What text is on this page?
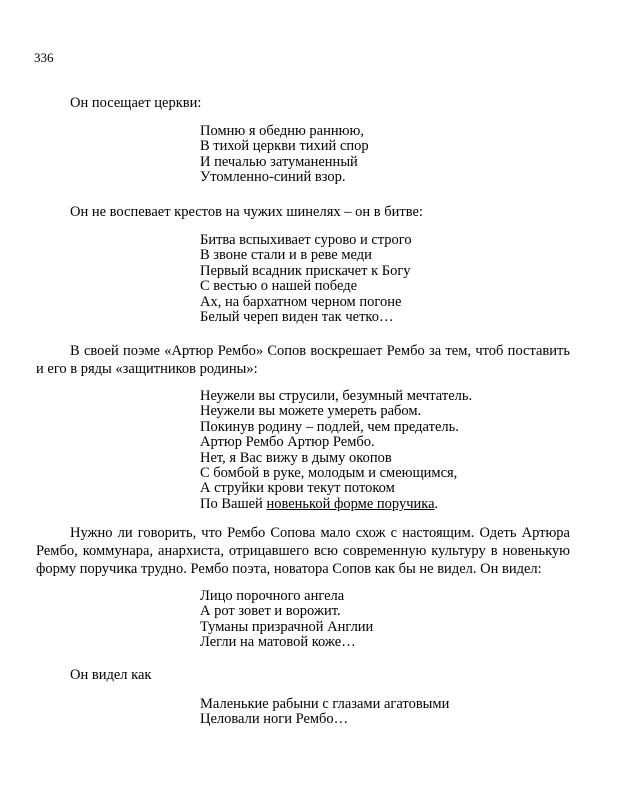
336

Он посещает церкви:

Помню я обедню раннюю,
В тихой церкви тихий спор
И печалью затуманенный
Утомленно-синий взор.

Он не воспевает крестов на чужих шинелях – он в битве:

Битва вспыхивает сурово и строго
В звоне стали и в реве меди
Первый всадник прискачет к Богу
С вестью о нашей победе
Ах, на бархатном черном погоне
Белый череп виден так четко…

В своей поэме «Артюр Рембо» Сопов воскрешает Рембо за тем, чтоб поставить и его в ряды «защитников родины»:

Неужели вы струсили, безумный мечтатель.
Неужели вы можете умереть рабом.
Покинув родину – подлей, чем предатель.
Артюр Рембо Артюр Рембо.
Нет, я Вас вижу в дыму окопов
С бомбой в руке, молодым и смеющимся,
А струйки крови текут потоком
По Вашей новенькой форме поручика.

Нужно ли говорить, что Рембо Сопова мало схож с настоящим. Одеть Артюра Рембо, коммунара, анархиста, отрицавшего всю современную культуру в новенькую форму поручика трудно. Рембо поэта, новатора Сопов как бы не видел. Он видел:

Лицо порочного ангела
А рот зовет и ворожит.
Туманы призрачной Англии
Легли на матовой коже…

Он видел как

Маленькие рабыни с глазами агатовыми
Целовали ноги Рембо…
